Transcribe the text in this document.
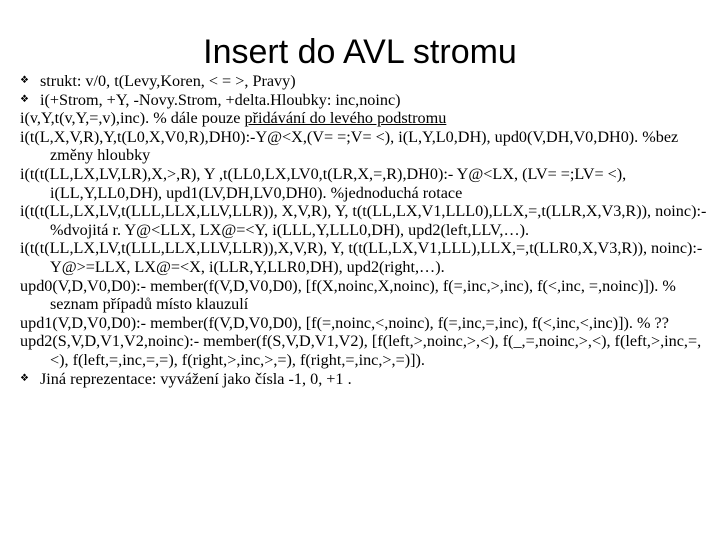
Insert do AVL stromu
❖ strukt: v/0, t(Levy,Koren, < = >, Pravy)
❖ i(+Strom, +Y, -Novy.Strom, +delta.Hloubky: inc,noinc)
i(v,Y,t(v,Y,=,v),inc). % dále pouze přidávání do levého podstromu
i(t(L,X,V,R),Y,t(L0,X,V0,R),DH0):-Y@<X,(V= =;V= <), i(L,Y,L0,DH), upd0(V,DH,V0,DH0). %bez změny hloubky
i(t(t(LL,LX,LV,LR),X,>,R), Y ,t(LL0,LX,LV0,t(LR,X,=,R),DH0):- Y@<LX, (LV= =;LV= <), i(LL,Y,LL0,DH), upd1(LV,DH,LV0,DH0). %jednoduchá rotace
i(t(t(LL,LX,LV,t(LLL,LLX,LLV,LLR)), X,V,R), Y, t(t(LL,LX,V1,LLL0),LLX,=,t(LLR,X,V3,R)), noinc):- %dvojitá r. Y@<LLX, LX@=<Y, i(LLL,Y,LLL0,DH), upd2(left,LLV,…).
i(t(t(LL,LX,LV,t(LLL,LLX,LLV,LLR)),X,V,R), Y, t(t(LL,LX,V1,LLL),LLX,=,t(LLR0,X,V3,R)), noinc):- Y@>=LLX, LX@=<X, i(LLR,Y,LLR0,DH), upd2(right,…).
upd0(V,D,V0,D0):- member(f(V,D,V0,D0), [f(X,noinc,X,noinc), f(=,inc,>,inc), f(<,inc, =,noinc)]). % seznam případů místo klauzulí
upd1(V,D,V0,D0):- member(f(V,D,V0,D0), [f(=,noinc,<,noinc), f(=,inc,=,inc), f(<,inc,<,inc)]). % ??
upd2(S,V,D,V1,V2,noinc):- member(f(S,V,D,V1,V2), [f(left,>,noinc,>,<), f(_,=,noinc,>,<), f(left,>,inc,=,<), f(left,=,inc,=,=), f(right,>,inc,>,=), f(right,=,inc,>,=)]).
❖ Jiná reprezentace: vyvážení jako čísla -1, 0, +1 .
